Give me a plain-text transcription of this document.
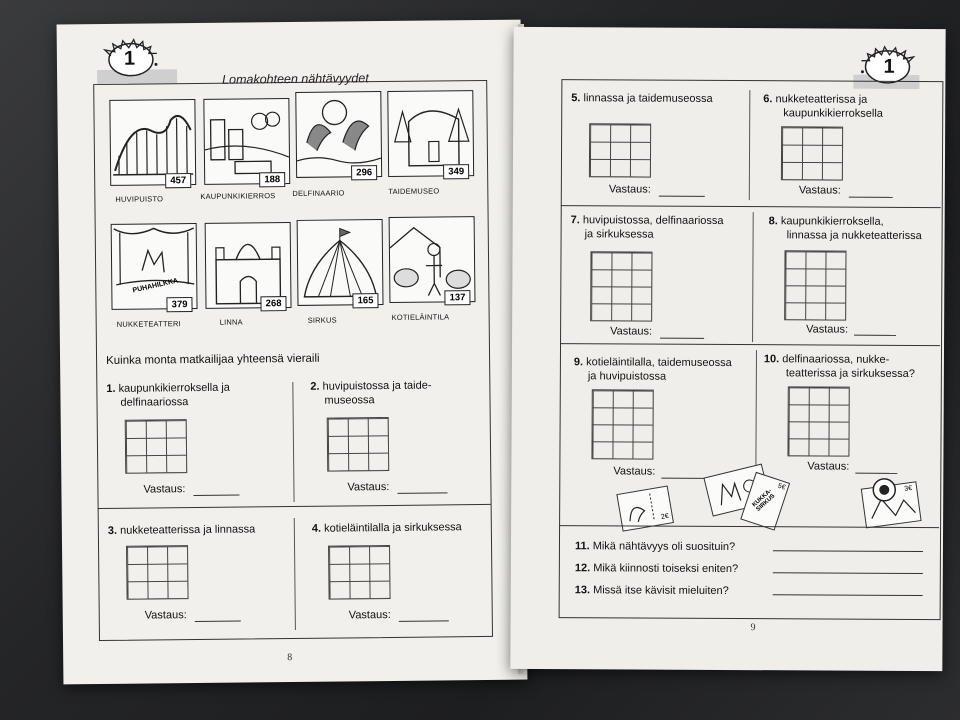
1
Lomakohteen nähtävyydet
457	188
296	349
HUVIPUISTO	KAUPUNKIKIERROS DELFINAARIO	TAIDEMUSEO
PUHAHILKKA
379	268	165	137
NUKKETEATTERI	LINNA	SIRKUS	KOTIELÄINTILA
Kuinka monta matkailijaa yhteensä vieraili
1. kaupunkikierroksella ja
delfinaariossa
Vastaus:
2. huvipuistossa ja taide-
museossa
Vastaus:
3. nukketeatterissa ja linnassa
Vastaus:
4. kotieläintilalla ja sirkuksessa
Vastaus:
8
1
5. linnassa ja taidemuseossa
Vastaus:
6. nukketeatterissa ja
kaupunkikierroksella
Vastaus:
7. huvipuistossa, delfinaariossa
ja sirkuksessa
Vastaus:
8. kaupunkikierroksella,
linnassa ja nukketeatterissa
Vastaus:
9. kotieläintilalla, taidemuseossa
ja huvipuistossa
Vastaus:
10. delfinaariossa, nukke-
teatterissa ja sirkuksessa?
Vastaus:
2€
KUKKA-SIRKUS
5€	3€
11. Mikä nähtävyys oli suosituin?
12. Mikä kiinnosti toiseksi eniten?
13. Missä itse kävisit mieluiten?
9
